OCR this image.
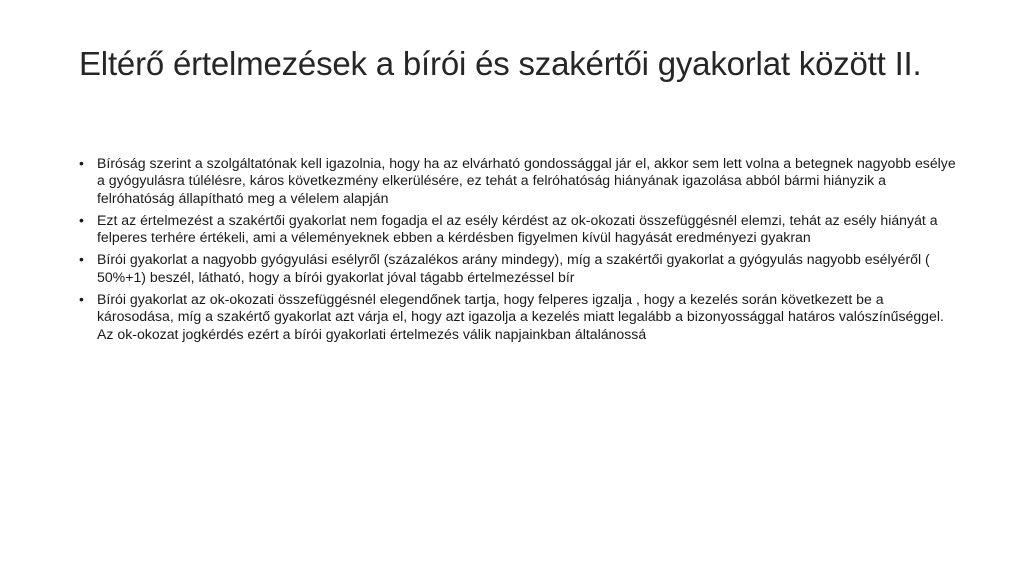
Eltérő értelmezések a bírói és szakértői gyakorlat között II.
• Bíróság szerint a szolgáltatónak kell igazolnia, hogy ha az elvárható gondossággal jár el, akkor sem lett volna a betegnek nagyobb esélye a gyógyulásra túlélésre, káros következmény elkerülésére, ez tehát a felróhatóság hiányának igazolása abból bármi hiányzik a felróhatóság állapítható meg a vélelem alapján
• Ezt az értelmezést a szakértői gyakorlat nem fogadja el az esély kérdést az ok-okozati összefüggésnél elemzi, tehát az esély hiányát a felperes terhére értékeli, ami a véleményeknek ebben a kérdésben figyelmen kívül hagyását eredményezi gyakran
• Bírói gyakorlat a nagyobb gyógyulási esélyről (százalékos arány mindegy), míg a szakértői gyakorlat a gyógyulás nagyobb esélyéről ( 50%+1) beszél, látható, hogy a bírói gyakorlat jóval tágabb értelmezéssel bír
• Bírói gyakorlat az ok-okozati összefüggésnél elegendőnek tartja, hogy felperes igzalja , hogy a kezelés során következett be a károsodása, míg a szakértő gyakorlat azt várja el, hogy azt igazolja a kezelés miatt legalább a bizonyossággal határos valószínűséggel. Az ok-okozat jogkérdés ezért a bírói gyakorlati értelmezés válik napjainkban általánossá
